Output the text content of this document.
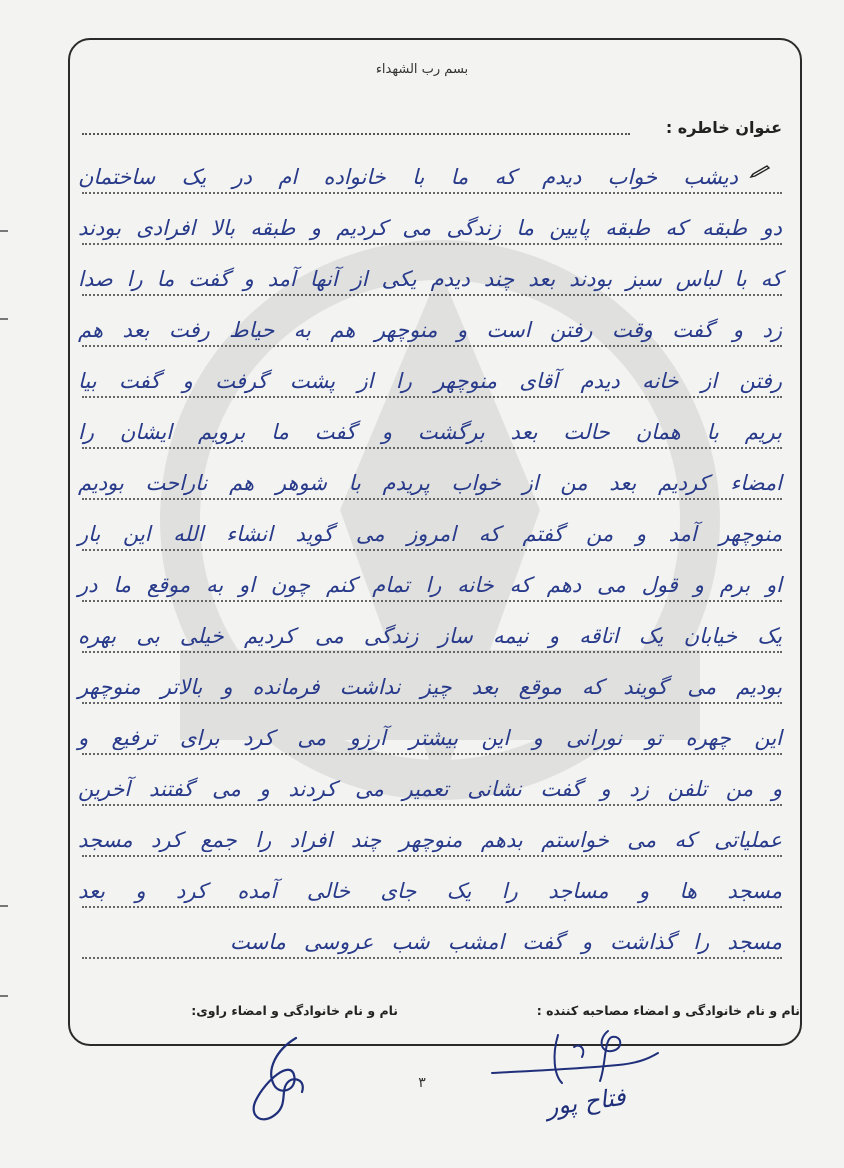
بسم رب الشهداء
عنوان خاطره :
دیشب خواب دیدم که ما با خانواده ام در یک ساختمان
دو طبقه که طبقه پایین ما زندگی می کردیم و طبقه بالا افرادی بودند
که با لباس سبز بودند بعد چند دیدم یکی از آنها آمد و گفت ما را صدا
زد و گفت وقت رفتن است و منوچهر هم به حیاط رفت بعد هم
رفتن از خانه دیدم آقای منوچهر را از پشت گرفت و گفت بیا
بریم با همان حالت بعد برگشت و گفت ما برویم ایشان را
امضاء کردیم بعد من از خواب پریدم با شوهر هم ناراحت بودیم
منوچهر آمد و من گفتم که امروز می گوید انشاء الله این بار
او برم و قول می دهم که خانه را تمام کنم چون او به موقع ما در
یک خیابان یک اتاقه و نیمه ساز زندگی می کردیم خیلی بی بهره
بودیم می گویند که موقع بعد چیز نداشت فرمانده و بالاتر منوچهر
این چهره تو نورانی و این بیشتر آرزو می کرد برای ترفیع و
و من تلفن زد و گفت نشانی تعمیر می کردند و می گفتند آخرین
عملیاتی که می خواستم بدهم منوچهر چند افراد را جمع کرد مسجد
مسجد ها و مساجد را یک جای خالی آمده کرد و بعد
مسجد را گذاشت و گفت امشب شب عروسی ماست
نام و نام خانوادگی و امضاء مصاحبه کننده :
نام و نام خانوادگی و امضاء راوی:
۳	فتاح پور
